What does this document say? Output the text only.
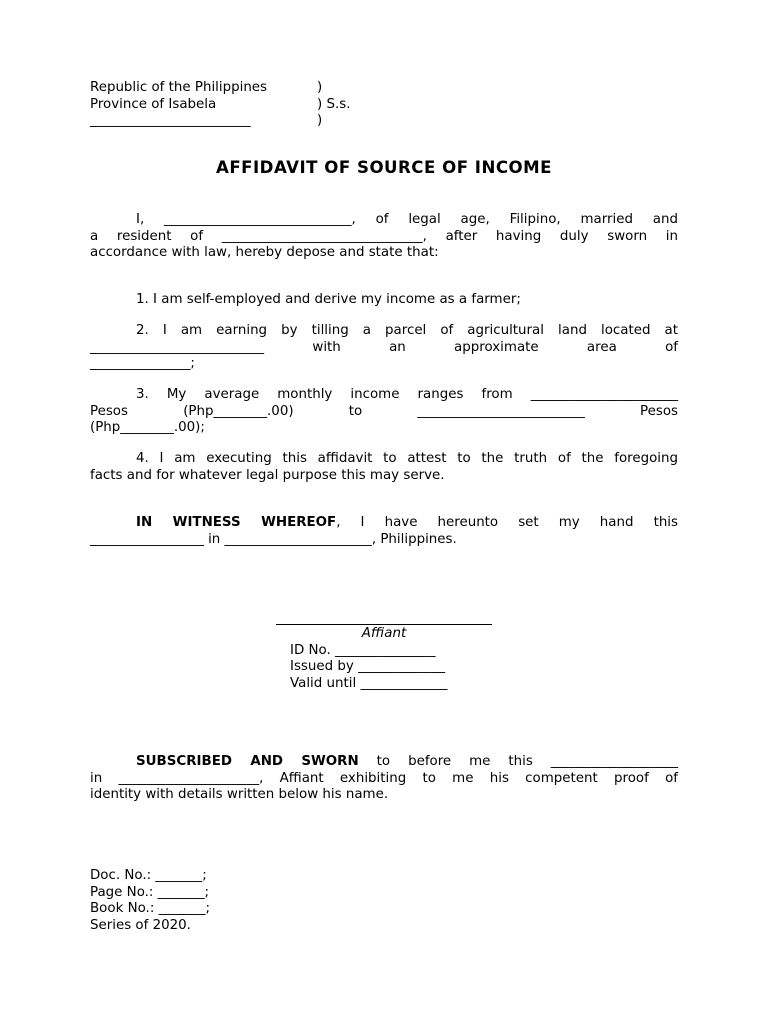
Republic of the Philippines	)
Province of Isabela	) S.s.
________________________	)
AFFIDAVIT OF SOURCE OF INCOME
I, ____________________________, of legal age, Filipino, married and
a resident of ______________________________, after having duly sworn in
accordance with law, hereby depose and state that:
1. I am self-employed and derive my income as a farmer;
2. I am earning by tilling a parcel of agricultural land located at
__________________________ with an approximate area of
_______________;
3. My average monthly income ranges from ______________________
Pesos (Php________.00) to _________________________ Pesos
(Php________.00);
4. I am executing this affidavit to attest to the truth of the foregoing
facts and for whatever legal purpose this may serve.
IN WITNESS WHEREOF, I have hereunto set my hand this
_________________ in ______________________, Philippines.
Affiant
ID No. _______________
Issued by _____________
Valid until _____________
SUBSCRIBED AND SWORN to before me this ___________________
in _____________________, Affiant exhibiting to me his competent proof of
identity with details written below his name.
Doc. No.: _______;
Page No.: _______;
Book No.: _______;
Series of 2020.
